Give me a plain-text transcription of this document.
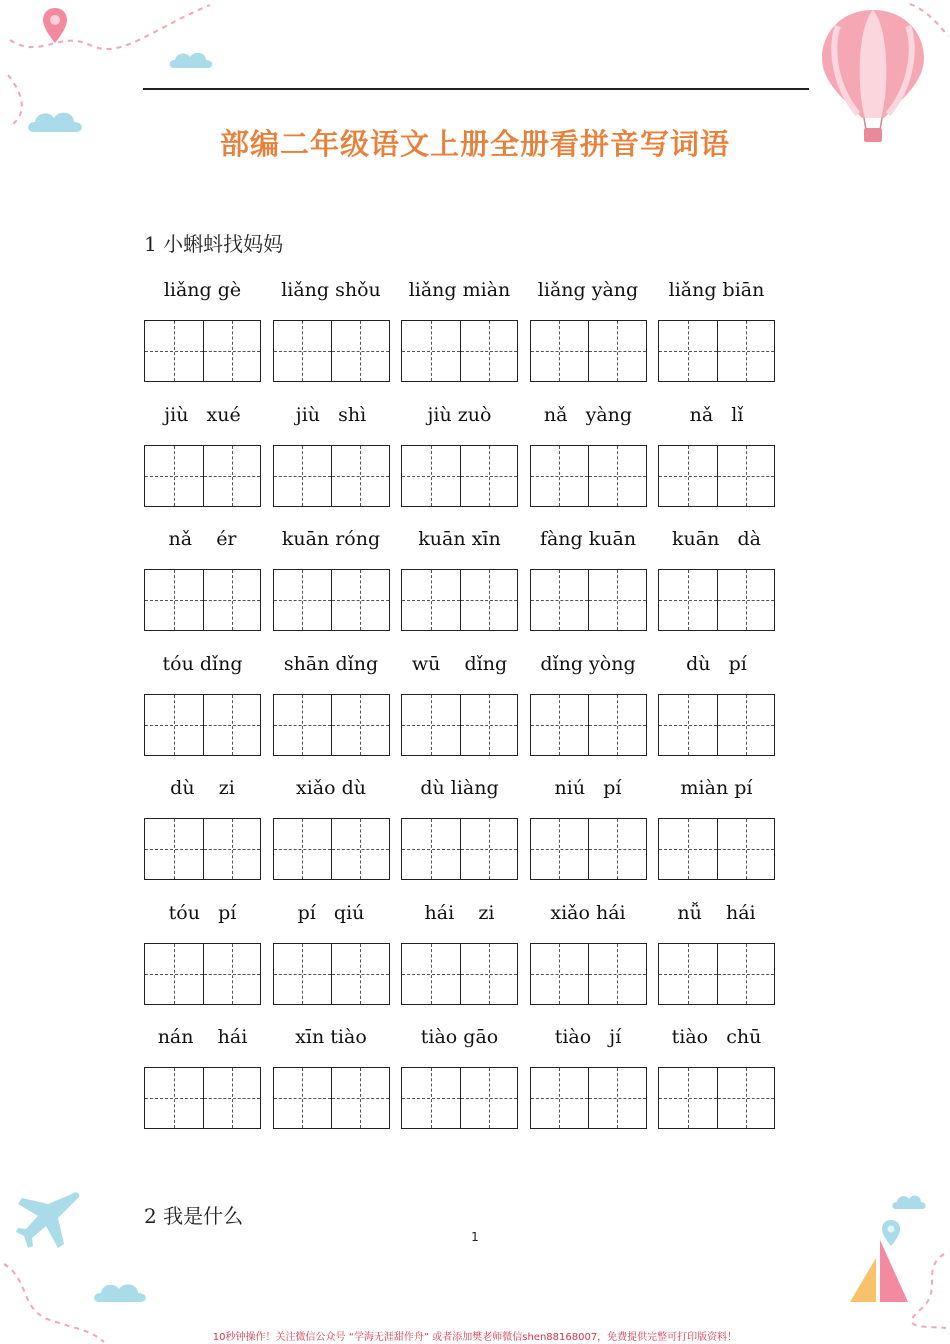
部编二年级语文上册全册看拼音写词语
1 小蝌蚪找妈妈
liǎng gè	liǎng shǒu	liǎng miàn	liǎng yàng	liǎng biān
jiù   xué	jiù   shì	jiù zuò	nǎ   yàng	nǎ   lǐ
nǎ    ér	kuān róng	kuān xīn	fàng kuān	kuān   dà
tóu dǐng	shān dǐng	wū    dǐng	dǐng yòng	dù   pí
dù    zi	xiǎo dù	dù liàng	niú   pí	miàn pí
tóu   pí	pí   qiú	hái    zi	xiǎo hái	nǚ    hái
nán    hái	xīn tiào	tiào gāo	tiào   jí	tiào   chū
2 我是什么
1
10秒钟操作！关注微信公众号 “学海无涯甜作舟” 或者添加樊老师微信shen88168007，免费提供完整可打印版资料！
